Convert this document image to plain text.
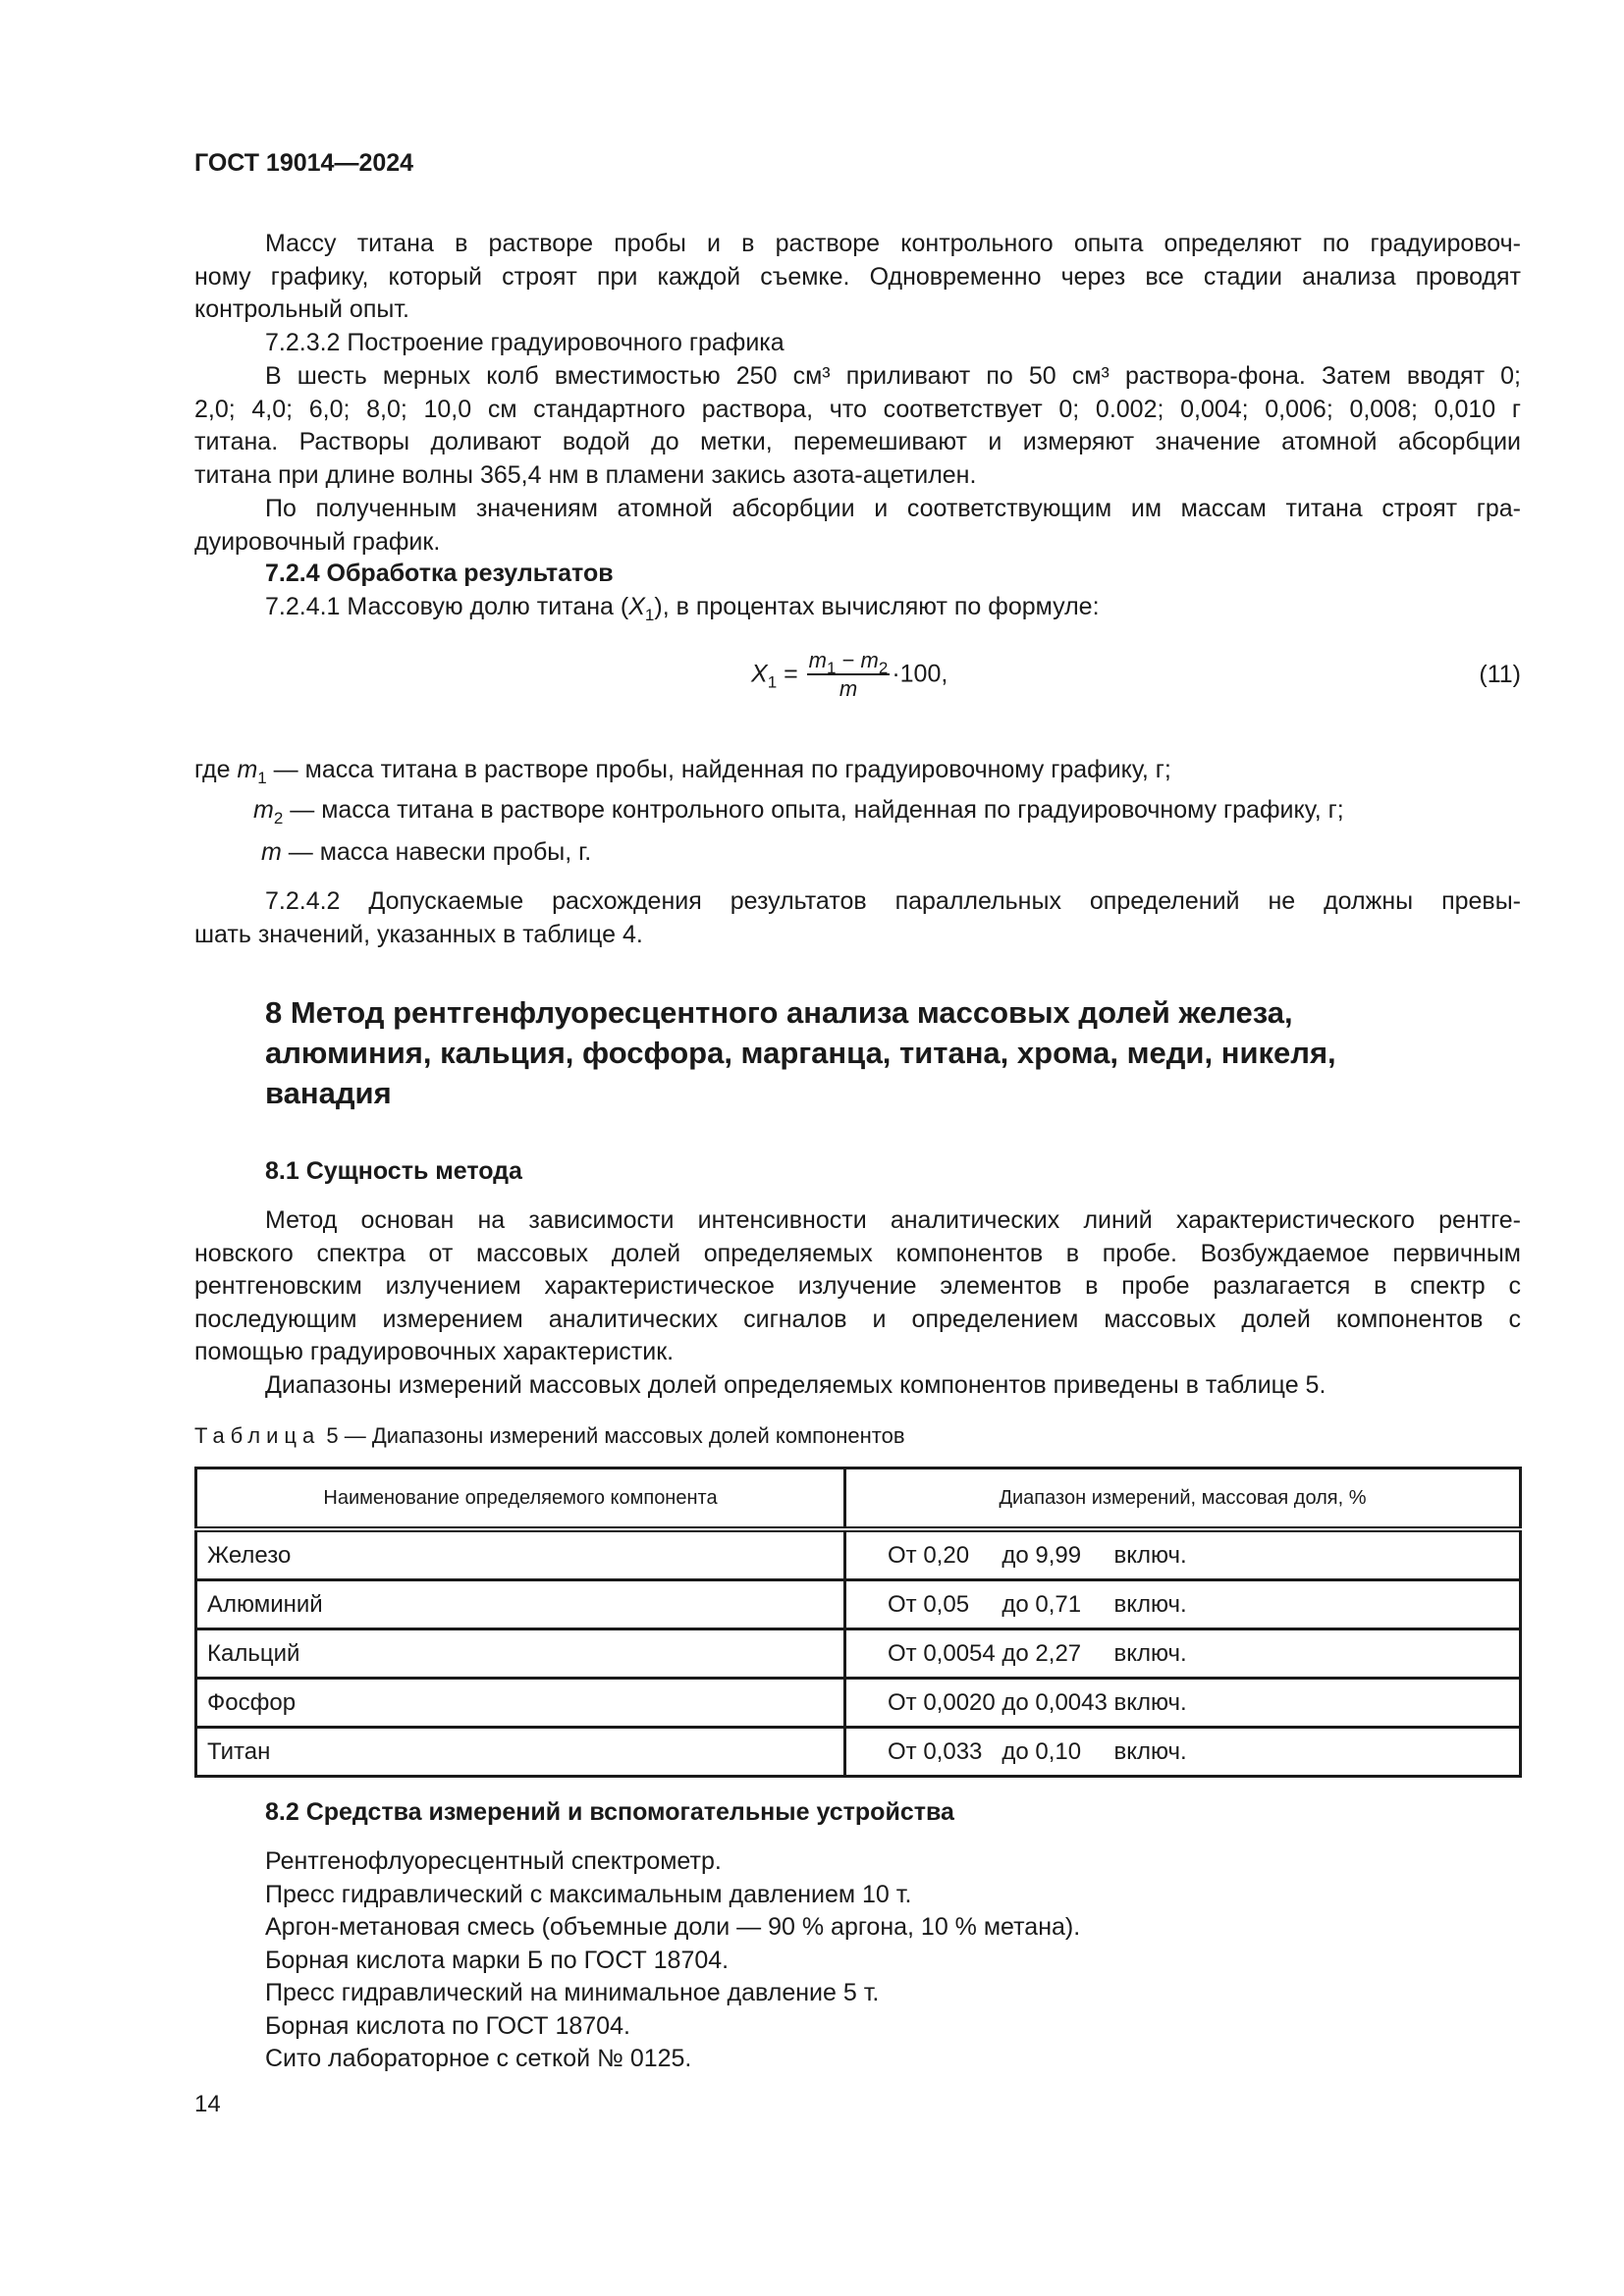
ГОСТ 19014—2024
Массу титана в растворе пробы и в растворе контрольного опыта определяют по градуировоч-
ному графику, который строят при каждой съемке. Одновременно через все стадии анализа проводят
контрольный опыт.
7.2.3.2 Построение градуировочного графика
В шесть мерных колб вместимостью 250 см³ приливают по 50 см³ раствора-фона. Затем вводят 0;
2,0; 4,0; 6,0; 8,0; 10,0 см стандартного раствора, что соответствует 0; 0.002; 0,004; 0,006; 0,008; 0,010 г
титана. Растворы доливают водой до метки, перемешивают и измеряют значение атомной абсорбции
титана при длине волны 365,4 нм в пламени закись азота-ацетилен.
По полученным значениям атомной абсорбции и соответствующим им массам титана строят гра-
дуировочный график.
7.2.4 Обработка результатов
7.2.4.1 Массовую долю титана $(X_1)$, в процентах вычисляют по формуле:
$X_1 = \frac{m_1 - m_2}{m} \cdot 100$,	(11)
где $m_1$ — масса титана в растворе пробы, найденная по градуировочному графику, г;
$m_2$ — масса титана в растворе контрольного опыта, найденная по градуировочному графику, г;
m — масса навески пробы, г.
7.2.4.2 Допускаемые расхождения результатов параллельных определений не должны превы-
шать значений, указанных в таблице 4.
8 Метод рентгенфлуоресцентного анализа массовых долей железа,
алюминия, кальция, фосфора, марганца, титана, хрома, меди, никеля,
ванадия
8.1 Сущность метода
Метод основан на зависимости интенсивности аналитических линий характеристического рентге-
новского спектра от массовых долей определяемых компонентов в пробе. Возбуждаемое первичным
рентгеновским излучением характеристическое излучение элементов в пробе разлагается в спектр с
последующим измерением аналитических сигналов и определением массовых долей компонентов с
помощью градуировочных характеристик.
Диапазоны измерений массовых долей определяемых компонентов приведены в таблице 5.
Таблица 5 — Диапазоны измерений массовых долей компонентов
Наименование определяемого компонента	Диапазон измерений, массовая доля, %
Железо	От 0,20     до 9,99     включ.
Алюминий	От 0,05     до 0,71     включ.
Кальций	От 0,0054 до 2,27     включ.
Фосфор	От 0,0020 до 0,0043 включ.
Титан	От 0,033   до 0,10     включ.
8.2 Средства измерений и вспомогательные устройства
Рентгенофлуоресцентный спектрометр.
Пресс гидравлический с максимальным давлением 10 т.
Аргон-метановая смесь (объемные доли — 90 % аргона, 10 % метана).
Борная кислота марки Б по ГОСТ 18704.
Пресс гидравлический на минимальное давление 5 т.
Борная кислота по ГОСТ 18704.
Сито лабораторное с сеткой № 0125.
14
